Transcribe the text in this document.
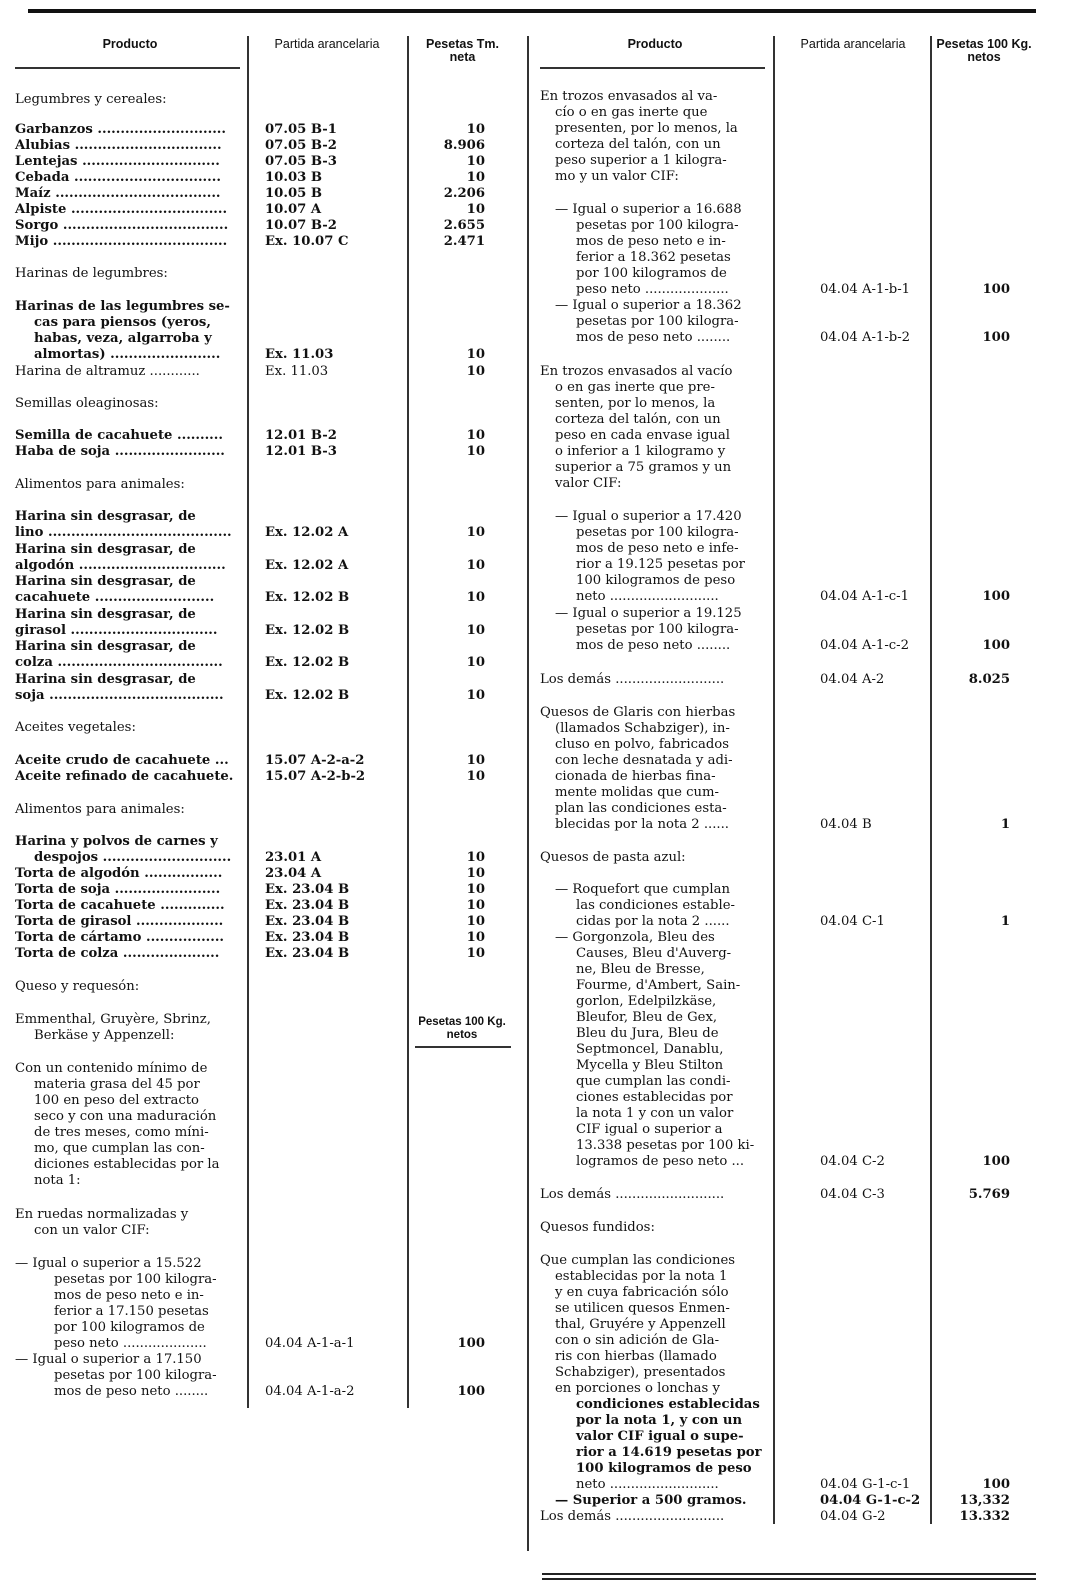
Producto	Partida arancelaria	Pesetas Tm. neta
Producto	Partida arancelaria	Pesetas 100 Kg. netos
Pesetas 100 Kg. netos
Legumbres y cereales:
Garbanzos ............................	07.05 B-1	10
Alubias ................................	07.05 B-2	8.906
Lentejas ..............................	07.05 B-3	10
Cebada ................................	10.03 B	10
Maíz ....................................	10.05 B	2.206
Alpiste ..................................	10.07 A	10
Sorgo ....................................	10.07 B-2	2.655
Mijo ......................................	Ex. 10.07 C	2.471
Harinas de legumbres:
Harinas de las legumbres se-
cas para piensos (yeros,
habas, veza, algarroba y
almortas) ........................	Ex. 11.03	10
Harina de altramuz ............	Ex. 11.03	10
Semillas oleaginosas:
Semilla de cacahuete ..........	12.01 B-2	10
Haba de soja ........................	12.01 B-3	10
Alimentos para animales:
Harina sin desgrasar, de
lino ........................................	Ex. 12.02 A	10
Harina sin desgrasar, de
algodón ................................	Ex. 12.02 A	10
Harina sin desgrasar, de
cacahuete ..........................	Ex. 12.02 B	10
Harina sin desgrasar, de
girasol ................................	Ex. 12.02 B	10
Harina sin desgrasar, de
colza ....................................	Ex. 12.02 B	10
Harina sin desgrasar, de
soja ......................................	Ex. 12.02 B	10
Aceites vegetales:
Aceite crudo de cacahuete ...	15.07 A-2-a-2	10
Aceite refinado de cacahuete. 15.07 A-2-b-2	10
Alimentos para animales:
Harina y polvos de carnes y
despojos ............................	23.01 A	10
Torta de algodón .................	23.04 A	10
Torta de soja .......................	Ex. 23.04 B	10
Torta de cacahuete ..............	Ex. 23.04 B	10
Torta de girasol ...................	Ex. 23.04 B	10
Torta de cártamo .................	Ex. 23.04 B	10
Torta de colza .....................	Ex. 23.04 B	10
Queso y requesón:
Emmenthal, Gruyère, Sbrinz,
Berkäse y Appenzell:
Con un contenido mínimo de
materia grasa del 45 por
100 en peso del extracto
seco y con una maduración
de tres meses, como míni-
mo, que cumplan las con-
diciones establecidas por la
nota 1:
En ruedas normalizadas y
con un valor CIF:
— Igual o superior a 15.522
pesetas por 100 kilogra-
mos de peso neto e in-
ferior a 17.150 pesetas
por 100 kilogramos de
peso neto ....................	04.04 A-1-a-1	100
— Igual o superior a 17.150
pesetas por 100 kilogra-
mos de peso neto ........	04.04 A-1-a-2	100
En trozos envasados al va-
cío o en gas inerte que
presenten, por lo menos, la
corteza del talón, con un
peso superior a 1 kilogra-
mo y un valor CIF:
— Igual o superior a 16.688
pesetas por 100 kilogra-
mos de peso neto e in-
ferior a 18.362 pesetas
por 100 kilogramos de
peso neto ....................	04.04 A-1-b-1	100
— Igual o superior a 18.362
pesetas por 100 kilogra-
mos de peso neto ........	04.04 A-1-b-2	100
En trozos envasados al vacío
o en gas inerte que pre-
senten, por lo menos, la
corteza del talón, con un
peso en cada envase igual
o inferior a 1 kilogramo y
superior a 75 gramos y un
valor CIF:
— Igual o superior a 17.420
pesetas por 100 kilogra-
mos de peso neto e infe-
rior a 19.125 pesetas por
100 kilogramos de peso
neto ..........................	04.04 A-1-c-1	100
— Igual o superior a 19.125
pesetas por 100 kilogra-
mos de peso neto ........	04.04 A-1-c-2	100
Los demás ..........................	04.04 A-2	8.025
Quesos de Glaris con hierbas
(llamados Schabziger), in-
cluso en polvo, fabricados
con leche desnatada y adi-
cionada de hierbas fina-
mente molidas que cum-
plan las condiciones esta-
blecidas por la nota 2 ......	04.04 B	1
Quesos de pasta azul:
— Roquefort que cumplan
las condiciones estable-
cidas por la nota 2 ......	04.04 C-1	1
— Gorgonzola, Bleu des
Causes, Bleu d'Auverg-
ne, Bleu de Bresse,
Fourme, d'Ambert, Sain-
gorlon, Edelpilzkäse,
Bleufor, Bleu de Gex,
Bleu du Jura, Bleu de
Septmoncel, Danablu,
Mycella y Bleu Stilton
que cumplan las condi-
ciones establecidas por
la nota 1 y con un valor
CIF igual o superior a
13.338 pesetas por 100 ki-
logramos de peso neto ...	04.04 C-2	100
Los demás ..........................	04.04 C-3	5.769
Quesos fundidos:
Que cumplan las condiciones
establecidas por la nota 1
y en cuya fabricación sólo
se utilicen quesos Enmen-
thal, Gruyére y Appenzell
con o sin adición de Gla-
ris con hierbas (llamado
Schabziger), presentados
en porciones o lonchas y
condiciones establecidas
por la nota 1, y con un
valor CIF igual o supe-
rior a 14.619 pesetas por
100 kilogramos de peso
neto ..........................	04.04 G-1-c-1	100
— Superior a 500 gramos.	04.04 G-1-c-2	13,332
Los demás ..........................	04.04 G-2	13.332
